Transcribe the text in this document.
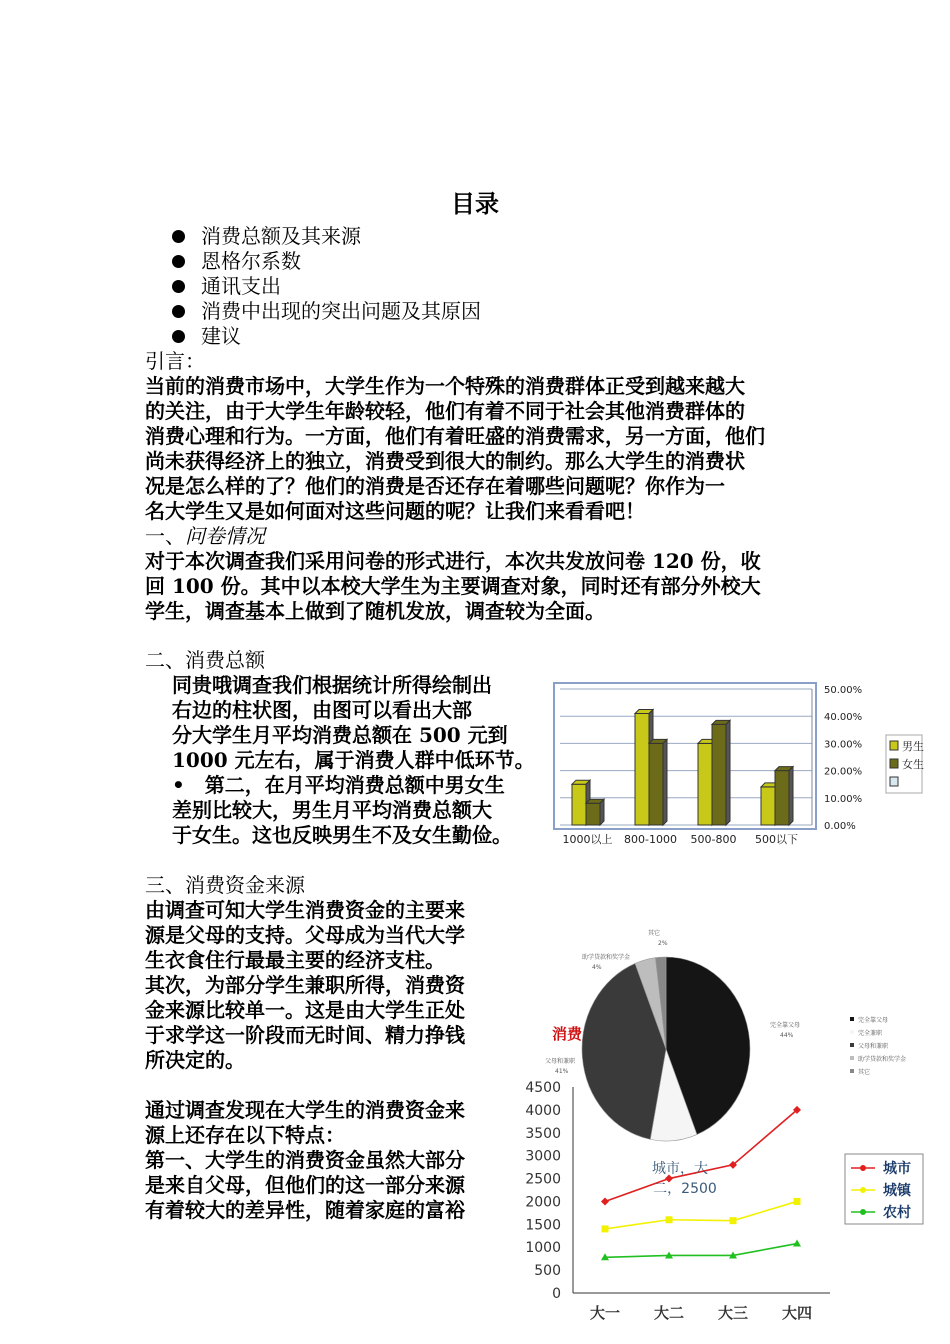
目录
消费总额及其来源
恩格尔系数
通讯支出
消费中出现的突出问题及其原因
建议
引言：
当前的消费市场中，大学生作为一个特殊的消费群体正受到越来越大
的关注，由于大学生年龄较轻，他们有着不同于社会其他消费群体的
消费心理和行为。一方面，他们有着旺盛的消费需求，另一方面，他们
尚未获得经济上的独立，消费受到很大的制约。那么大学生的消费状
况是怎么样的了？他们的消费是否还存在着哪些问题呢？你作为一
名大学生又是如何面对这些问题的呢？让我们来看看吧！
一、问卷情况
对于本次调查我们采用问卷的形式进行，本次共发放问卷 120 份，收
回 100 份。其中以本校大学生为主要调查对象，同时还有部分外校大
学生，调查基本上做到了随机发放，调查较为全面。
二、消费总额
同贵哦调查我们根据统计所得绘制出
右边的柱状图，由图可以看出大部
分大学生月平均消费总额在 500 元到
1000 元左右，属于消费人群中低环节。
•　第二，在月平均消费总额中男女生
差别比较大，男生月平均消费总额大
于女生。这也反映男生不及女生勤俭。	1000以上 800-1000 500-800 500以下
0.00%
10.00%
20.00%
30.00%
40.00%
50.00%
男生
女生
三、消费资金来源
由调查可知大学生消费资金的主要来
源是父母的支持。父母成为当代大学
生衣食住行最最主要的经济支柱。
其次，为部分学生兼职所得，消费资
金来源比较单一。这是由大学生正处
于求学这一阶段而无时间、精力挣钱
所决定的。
通过调查发现在大学生的消费资金来
源上还存在以下特点：
第一、大学生的消费资金虽然大部分
是来自父母，但他们的这一部分来源
有着较大的差异性，随着家庭的富裕
大一 大二 大三 大四
0
500
1000
1500
2000
2500
3000
3500
4000
4500
城市
城镇
农村
城市，大
二，2500
完全靠父母
44%
父母和兼职
41%
助学贷款和奖学金
4%
其它
2%
完全靠父母
完全兼职
父母和兼职
助学贷款和奖学金
其它
消费
